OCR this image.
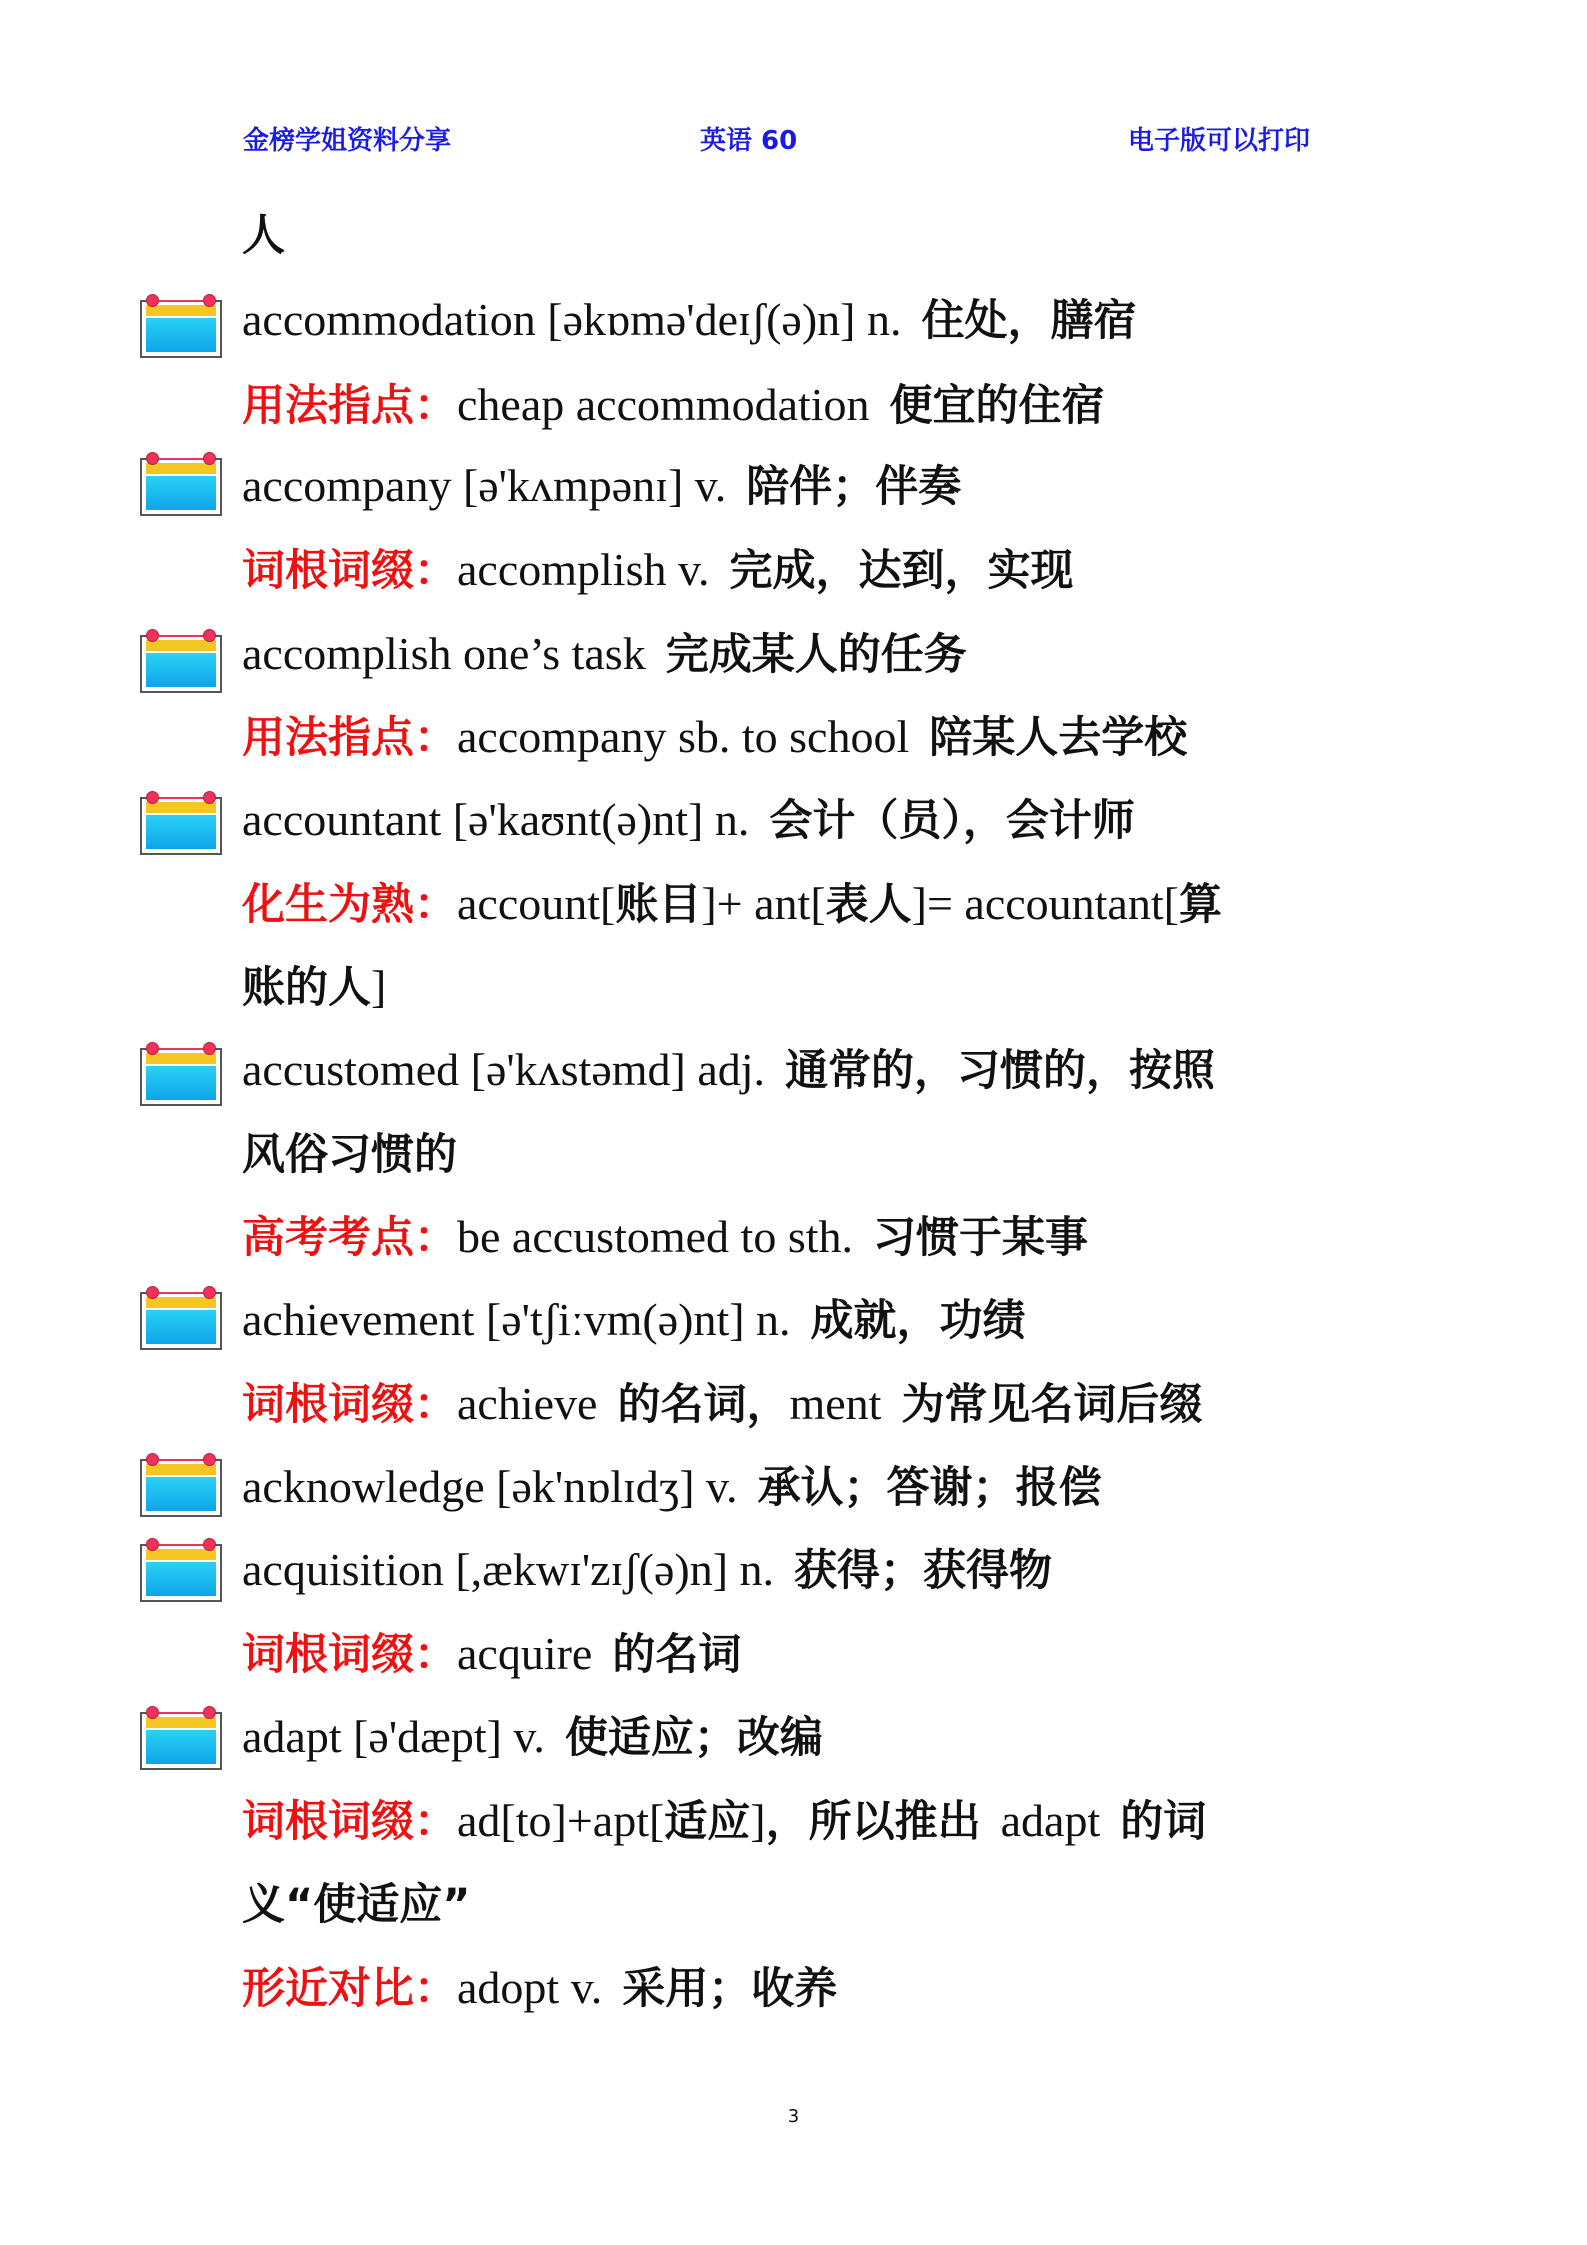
金榜学姐资料分享	英语 60	电子版可以打印
人
accommodation [əkɒmə'deɪʃ(ə)n] n. 住处，膳宿
用法指点：cheap accommodation 便宜的住宿
accompany [ə'kʌmpənɪ] v. 陪伴；伴奏
词根词缀：accomplish v. 完成，达到，实现
accomplish one’s task 完成某人的任务
用法指点：accompany sb. to school 陪某人去学校
accountant [ə'kaʊnt(ə)nt] n. 会计（员），会计师
化生为熟：account[账目]+ ant[表人]= accountant[算
账的人]
accustomed [ə'kʌstəmd] adj. 通常的，习惯的，按照
风俗习惯的
高考考点：be accustomed to sth. 习惯于某事
achievement [ə'tʃiːvm(ə)nt] n. 成就，功绩
词根词缀：achieve 的名词，ment 为常见名词后缀
acknowledge [ək'nɒlɪdʒ] v. 承认；答谢；报偿
acquisition [,ækwɪ'zɪʃ(ə)n] n. 获得；获得物
词根词缀：acquire 的名词
adapt [ə'dæpt] v. 使适应；改编
词根词缀：ad[to]+apt[适应]，所以推出 adapt 的词
义“使适应”
形近对比：adopt v. 采用；收养
3
